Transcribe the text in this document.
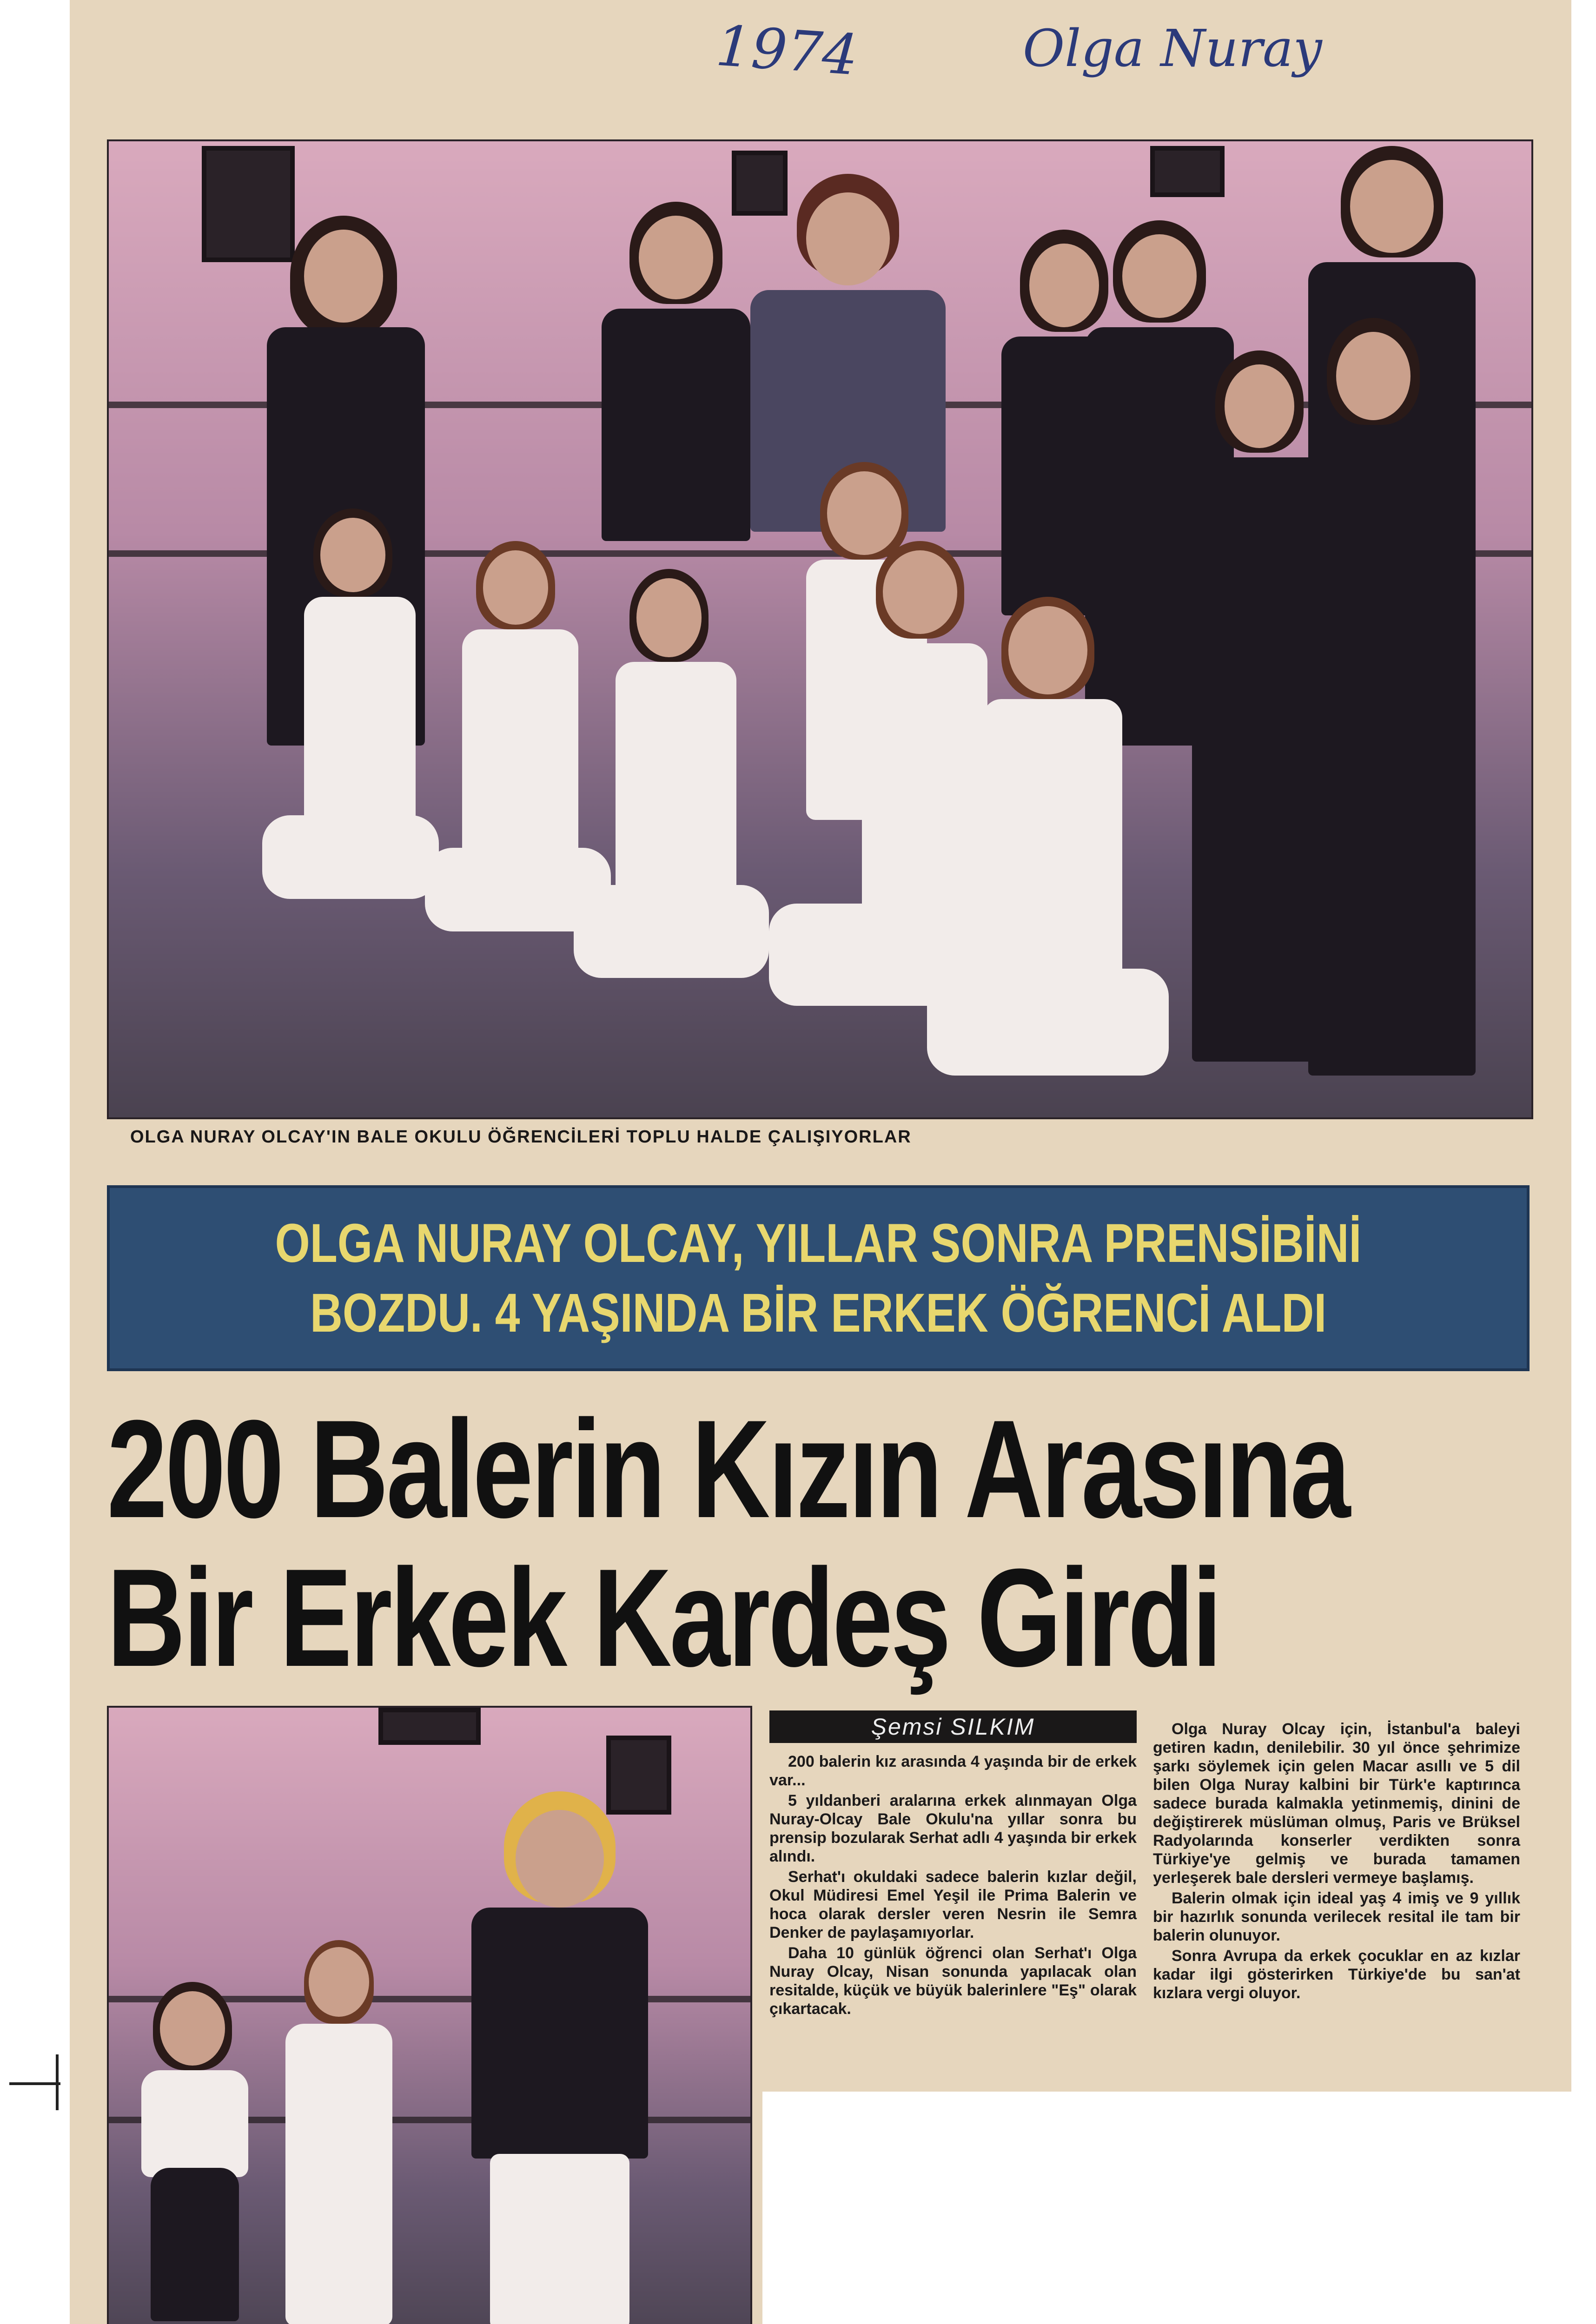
1974	Olga Nuray
OLGA NURAY OLCAY'IN BALE OKULU ÖĞRENCİLERİ TOPLU HALDE ÇALIŞIYORLAR
OLGA NURAY OLCAY, YILLAR SONRA PRENSİBİNİ
BOZDU. 4 YAŞINDA BİR ERKEK ÖĞRENCİ ALDI
200 Balerin Kızın Arasına
Bir Erkek Kardeş Girdi
Şemsi SILKIM

200 balerin kız arasında 4 yaşında bir de erkek var...

5 yıldanberi aralarına erkek alınmayan Olga Nuray-Olcay Bale Okulu'na yıllar sonra bu prensip bozularak Serhat adlı 4 yaşında bir erkek alındı.

Serhat'ı okuldaki sadece balerin kızlar değil, Okul Müdiresi Emel Yeşil ile Prima Balerin ve hoca olarak dersler veren Nesrin ile Semra Denker de paylaşamıyorlar.

Daha 10 günlük öğrenci olan Serhat'ı Olga Nuray Olcay, Nisan sonunda yapılacak olan resitalde, küçük ve büyük balerinlere "Eş" olarak çıkartacak.

Olga Nuray Olcay için, İstanbul'a baleyi getiren kadın, denilebilir. 30 yıl önce şehrimize şarkı söylemek için gelen Macar asıllı ve 5 dil bilen Olga Nuray kalbini bir Türk'e kaptırınca sadece burada kalmakla yetinmemiş, dinini de değiştirerek müslüman olmuş, Paris ve Brüksel Radyolarında konserler verdikten sonra Türkiye'ye gelmiş ve burada tamamen yerleşerek bale dersleri vermeye başlamış.

Balerin olmak için ideal yaş 4 imiş ve 9 yıllık bir hazırlık sonunda verilecek resital ile tam bir balerin olunuyor.

Sonra Avrupa da erkek çocuklar en az kızlar kadar ilgi gösterirken Türkiye'de bu san'at kızlara vergi oluyor.
